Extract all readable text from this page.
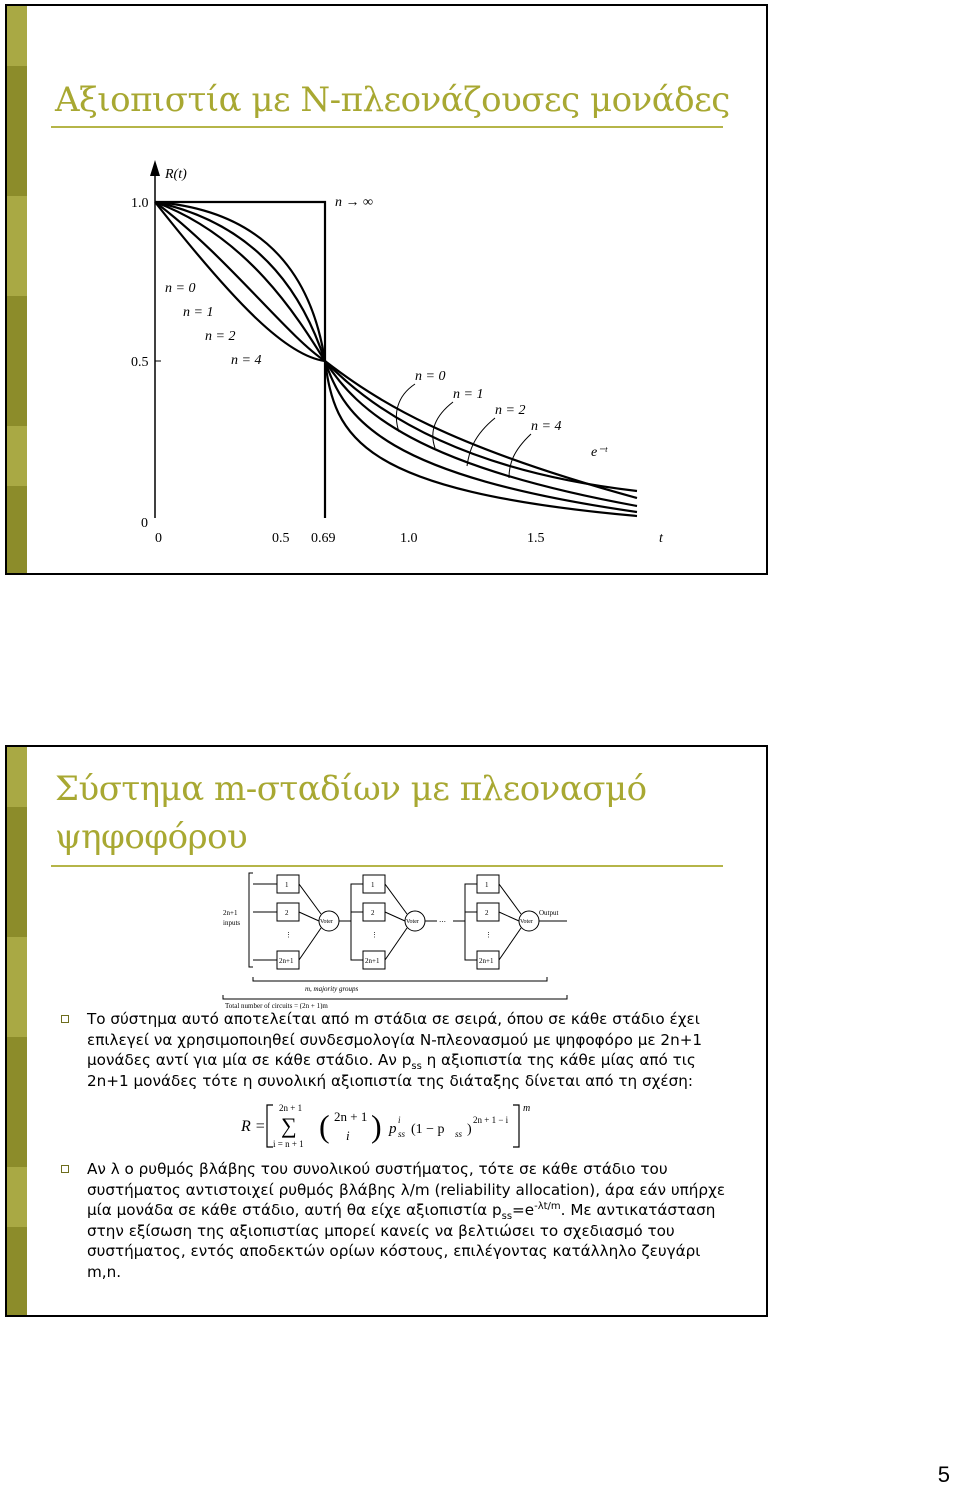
Αξιοπιστία με Ν-πλεονάζουσες μονάδες
R(t)
1.0
0.5
0
0	0.5 0.69	1.0	1.5	t
n → ∞
n = 0
n = 1
n = 2
n = 4
n = 0
n = 1
n = 2
n = 4
e⁻ᵗ
Σύστημα m-σταδίων με πλεονασμό
ψηφοφόρου
2n+1
inputs
1
2
⋮
2n+1
Voter
1
2
⋮
2n+1
Voter
1
2
⋮
2n+1
Voter
⋯
Output
m, majority groups
Total number of circuits = (2n + 1)m

Το σύστημα αυτό αποτελείται από m στάδια σε σειρά, όπου σε κάθε στάδιο έχει επιλεγεί να χρησιμοποιηθεί συνδεσμολογία Ν-πλεονασμού με ψηφοφόρο με 2n+1 μονάδες αντί για μία σε κάθε στάδιο. Αν $p_{ss}$ η αξιοπιστία της κάθε μίας από τις 2n+1 μονάδες τότε η συνολική αξιοπιστία της διάταξης δίνεται από τη σχέση:

R =
2n + 1
∑
i = n + 1 ( 2n + 1
i ) p
i
ss (1 − p ss )
2n + 1 − i
m

Αν λ ο ρυθμός βλάβης του συνολικού συστήματος, τότε σε κάθε στάδιο του συστήματος αντιστοιχεί ρυθμός βλάβης λ/m (reliability allocation), άρα εάν υπήρχε μία μονάδα σε κάθε στάδιο, αυτή θα είχε αξιοπιστία $p_{ss}=e^{-\lambda t/m}$. Με αντικατάσταση στην εξίσωση της αξιοπιστίας μπορεί κανείς να βελτιώσει το σχεδιασμό του συστήματος, εντός αποδεκτών ορίων κόστους, επιλέγοντας κατάλληλο ζευγάρι m,n.

5
